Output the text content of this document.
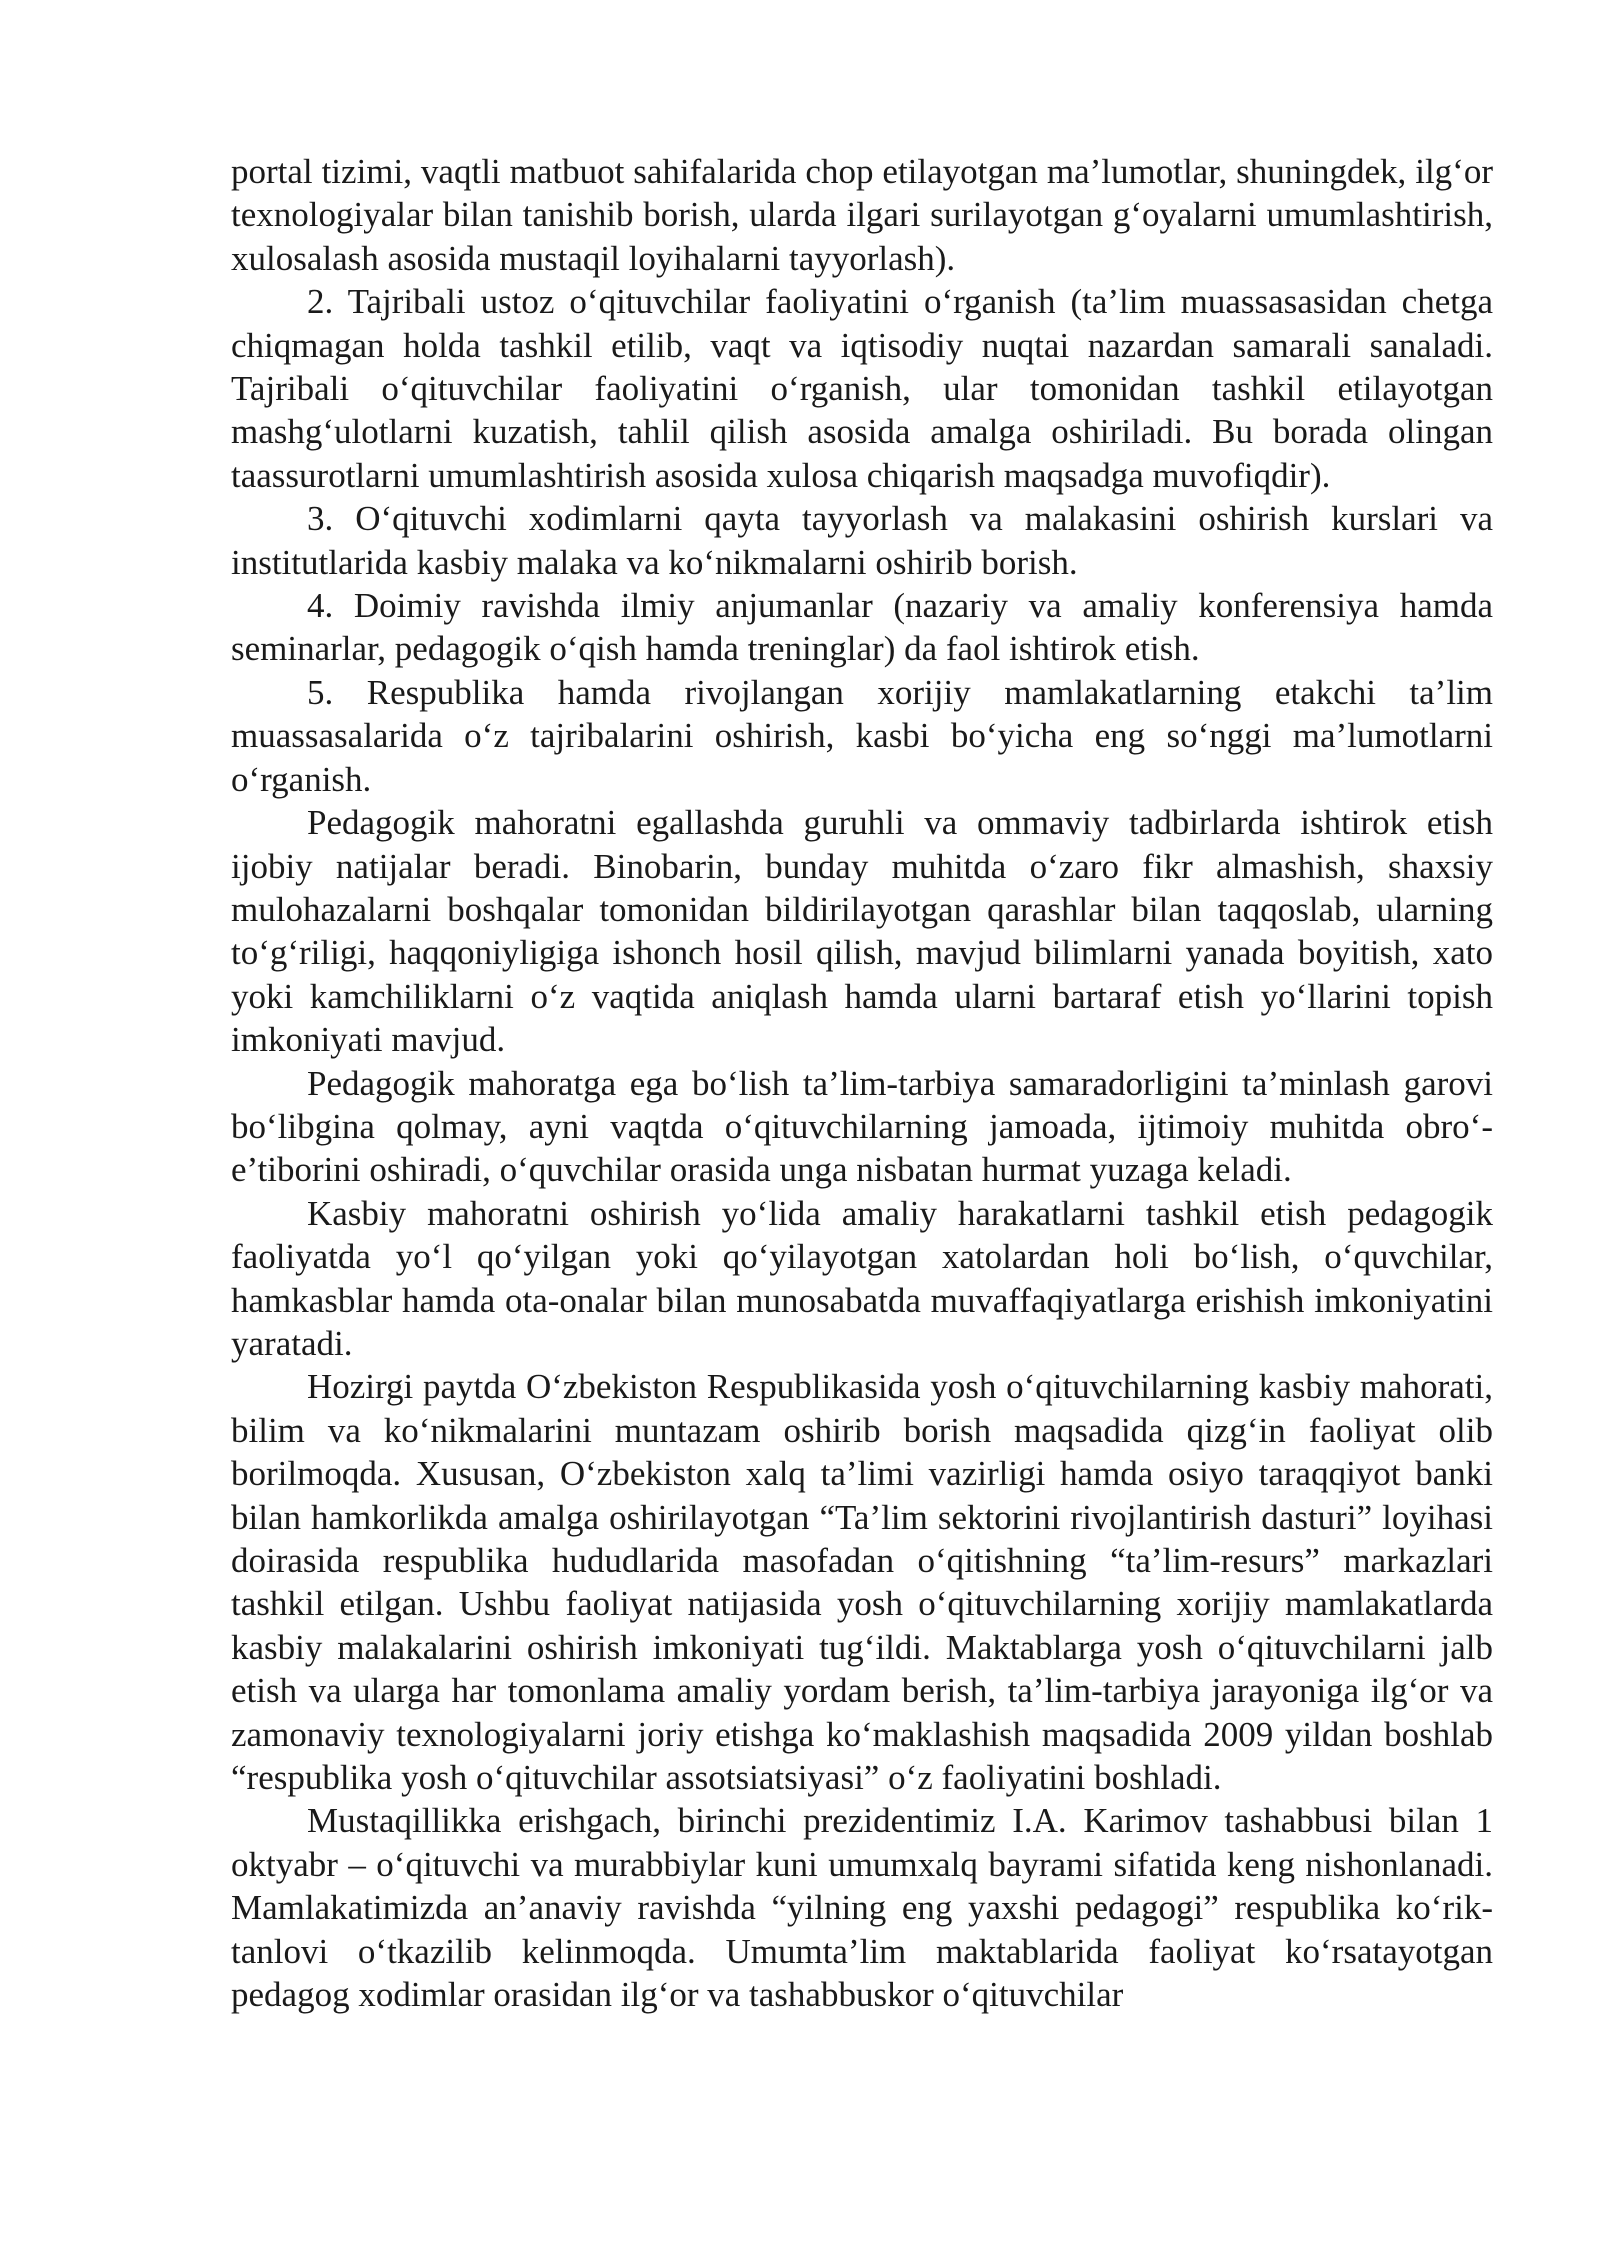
portal tizimi, vaqtli matbuot sahifalarida chop etilayotgan ma’lumotlar, shuningdek, ilg‘or texnologiyalar bilan tanishib borish, ularda ilgari surilayotgan g‘oyalarni umumlashtirish, xulosalash asosida mustaqil loyihalarni tayyorlash).

2. Tajribali ustoz o‘qituvchilar faoliyatini o‘rganish (ta’lim muassasasidan chetga chiqmagan holda tashkil etilib, vaqt va iqtisodiy nuqtai nazardan samarali sanaladi. Tajribali o‘qituvchilar faoliyatini o‘rganish, ular tomonidan tashkil etilayotgan mashg‘ulotlarni kuzatish, tahlil qilish asosida amalga oshiriladi. Bu borada olingan taassurotlarni umumlashtirish asosida xulosa chiqarish maqsadga muvofiqdir).

3. O‘qituvchi xodimlarni qayta tayyorlash va malakasini oshirish kurslari va institutlarida kasbiy malaka va ko‘nikmalarni oshirib borish.

4. Doimiy ravishda ilmiy anjumanlar (nazariy va amaliy konferensiya hamda seminarlar, pedagogik o‘qish hamda treninglar) da faol ishtirok etish.

5. Respublika hamda rivojlangan xorijiy mamlakatlarning etakchi ta’lim muassasalarida o‘z tajribalarini oshirish, kasbi bo‘yicha eng so‘nggi ma’lumotlarni o‘rganish.

Pedagogik mahoratni egallashda guruhli va ommaviy tadbirlarda ishtirok etish ijobiy natijalar beradi. Binobarin, bunday muhitda o‘zaro fikr almashish, shaxsiy mulohazalarni boshqalar tomonidan bildirilayotgan qarashlar bilan taqqoslab, ularning to‘g‘riligi, haqqoniyligiga ishonch hosil qilish, mavjud bilimlarni yanada boyitish, xato yoki kamchiliklarni o‘z vaqtida aniqlash hamda ularni bartaraf etish yo‘llarini topish imkoniyati mavjud.

Pedagogik mahoratga ega bo‘lish ta’lim-tarbiya samaradorligini ta’minlash garovi bo‘libgina qolmay, ayni vaqtda o‘qituvchilarning jamoada, ijtimoiy muhitda obro‘-e’tiborini oshiradi, o‘quvchilar orasida unga nisbatan hurmat yuzaga keladi.

Kasbiy mahoratni oshirish yo‘lida amaliy harakatlarni tashkil etish pedagogik faoliyatda yo‘l qo‘yilgan yoki qo‘yilayotgan xatolardan holi bo‘lish, o‘quvchilar, hamkasblar hamda ota-onalar bilan munosabatda muvaffaqiyatlarga erishish imkoniyatini yaratadi.

Hozirgi paytda O‘zbekiston Respublikasida yosh o‘qituvchilarning kasbiy mahorati, bilim va ko‘nikmalarini muntazam oshirib borish maqsadida qizg‘in faoliyat olib borilmoqda. Xususan, O‘zbekiston xalq ta’limi vazirligi hamda osiyo taraqqiyot banki bilan hamkorlikda amalga oshirilayotgan “Ta’lim sektorini rivojlantirish dasturi” loyihasi doirasida respublika hududlarida masofadan o‘qitishning “ta’lim-resurs” markazlari tashkil etilgan. Ushbu faoliyat natijasida yosh o‘qituvchilarning xorijiy mamlakatlarda kasbiy malakalarini oshirish imkoniyati tug‘ildi. Maktablarga yosh o‘qituvchilarni jalb etish va ularga har tomonlama amaliy yordam berish, ta’lim-tarbiya jarayoniga ilg‘or va zamonaviy texnologiyalarni joriy etishga ko‘maklashish maqsadida 2009 yildan boshlab “respublika yosh o‘qituvchilar assotsiatsiyasi” o‘z faoliyatini boshladi.

Mustaqillikka erishgach, birinchi prezidentimiz I.A. Karimov tashabbusi bilan 1 oktyabr – o‘qituvchi va murabbiylar kuni umumxalq bayrami sifatida keng nishonlanadi. Mamlakatimizda an’anaviy ravishda “yilning eng yaxshi pedagogi” respublika ko‘rik-tanlovi o‘tkazilib kelinmoqda. Umumta’lim maktablarida faoliyat ko‘rsatayotgan pedagog xodimlar orasidan ilg‘or va tashabbuskor o‘qituvchilar
